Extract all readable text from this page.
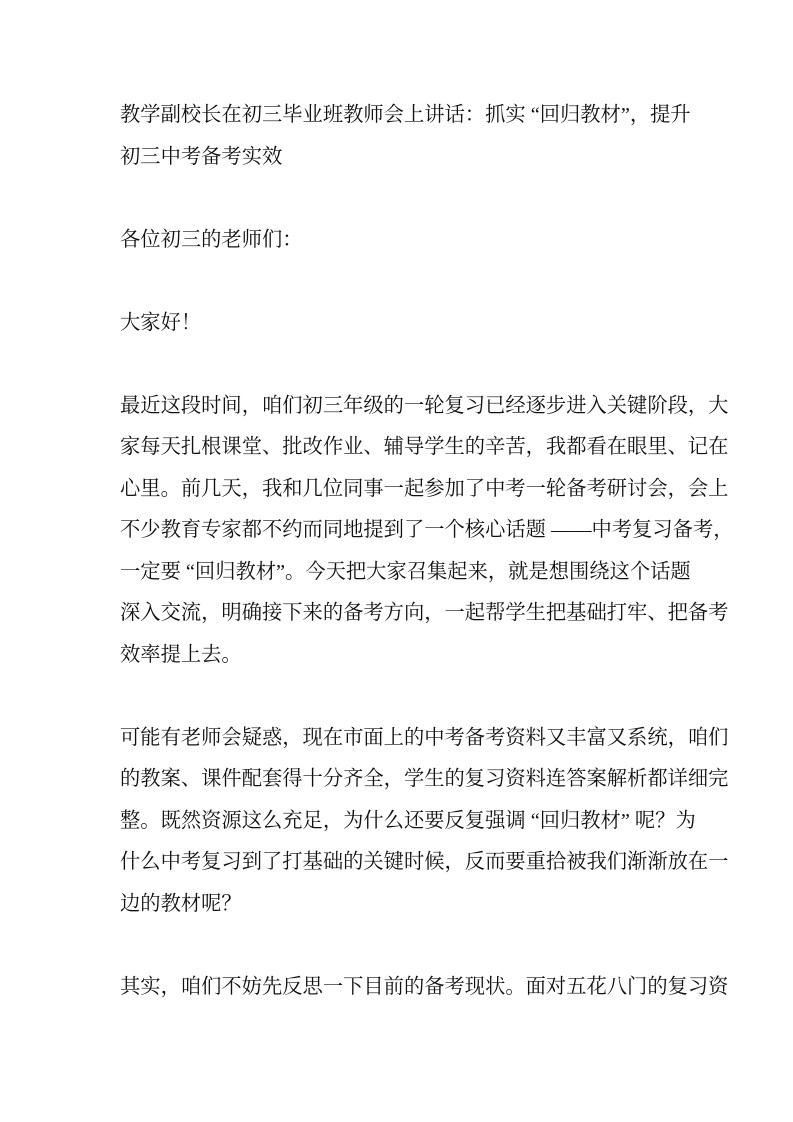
教学副校长在初三毕业班教师会上讲话：抓实 “回归教材”，提升
初三中考备考实效
各位初三的老师们：
大家好！
最近这段时间，咱们初三年级的一轮复习已经逐步进入关键阶段，大
家每天扎根课堂、批改作业、辅导学生的辛苦，我都看在眼里、记在
心里。前几天，我和几位同事一起参加了中考一轮备考研讨会，会上
不少教育专家都不约而同地提到了一个核心话题 ——中考复习备考，
一定要 “回归教材”。今天把大家召集起来，就是想围绕这个话题
深入交流，明确接下来的备考方向，一起帮学生把基础打牢、把备考
效率提上去。
可能有老师会疑惑，现在市面上的中考备考资料又丰富又系统，咱们
的教案、课件配套得十分齐全，学生的复习资料连答案解析都详细完
整。既然资源这么充足，为什么还要反复强调 “回归教材” 呢？为
什么中考复习到了打基础的关键时候，反而要重拾被我们渐渐放在一
边的教材呢？
其实，咱们不妨先反思一下目前的备考现状。面对五花八门的复习资
